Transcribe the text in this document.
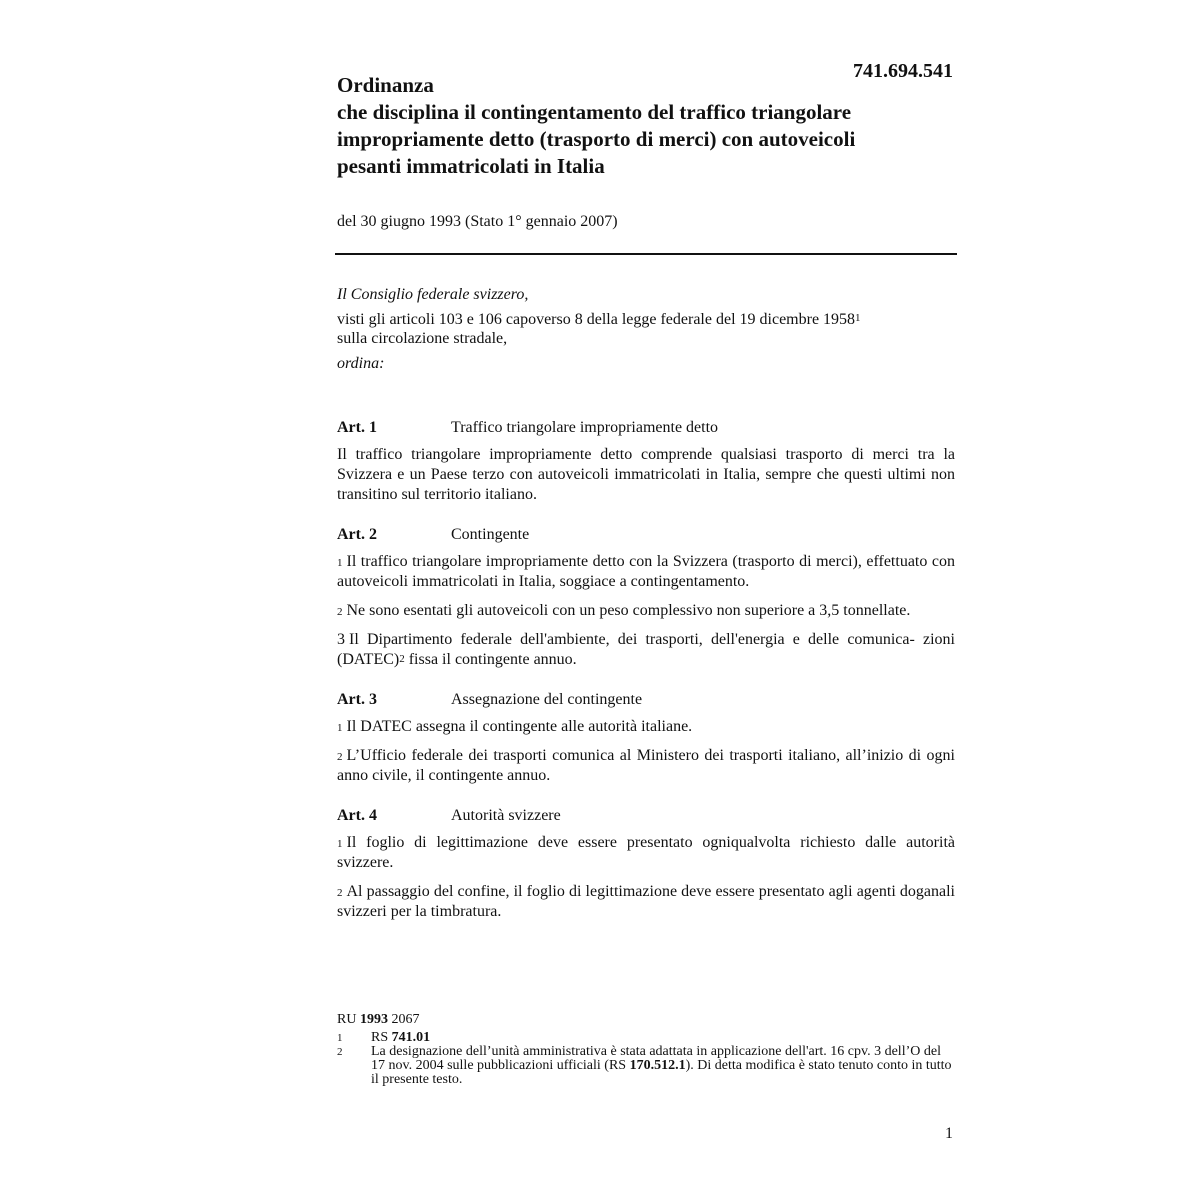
741.694.541
Ordinanza
che disciplina il contingentamento del traffico triangolare
impropriamente detto (trasporto di merci) con autoveicoli
pesanti immatricolati in Italia
del 30 giugno 1993 (Stato 1° gennaio 2007)
Il Consiglio federale svizzero,
visti gli articoli 103 e 106 capoverso 8 della legge federale del 19 dicembre 1958$^1$
sulla circolazione stradale,
ordina:
Art. 1	Traffico triangolare impropriamente detto

Il traffico triangolare impropriamente detto comprende qualsiasi trasporto di merci tra la Svizzera e un Paese terzo con autoveicoli immatricolati in Italia, sempre che questi ultimi non transitino sul territorio italiano.

Art. 2	Contingente

$^1$ Il traffico triangolare impropriamente detto con la Svizzera (trasporto di merci), effettuato con autoveicoli immatricolati in Italia, soggiace a contingentamento.

$^2$ Ne sono esentati gli autoveicoli con un peso complessivo non superiore a 3,5 tonnellate.

3 Il Dipartimento federale dell'ambiente, dei trasporti, dell'energia e delle comunica- zioni (DATEC)$^2$ fissa il contingente annuo.

Art. 3	Assegnazione del contingente

$^1$ Il DATEC assegna il contingente alle autorità italiane.

$^2$ L’Ufficio federale dei trasporti comunica al Ministero dei trasporti italiano, all’inizio di ogni anno civile, il contingente annuo.

Art. 4	Autorità svizzere

$^1$ Il foglio di legittimazione deve essere presentato ogniqualvolta richiesto dalle autorità svizzere.

$^2$ Al passaggio del confine, il foglio di legittimazione deve essere presentato agli agenti doganali svizzeri per la timbratura.

RU 1993 2067
1	RS 741.01
2	La designazione dell’unità amministrativa è stata adattata in applicazione dell'art. 16 cpv. 3 dell’O del 17 nov. 2004 sulle pubblicazioni ufficiali (RS 170.512.1). Di detta modifica è stato tenuto conto in tutto il presente testo.
1
